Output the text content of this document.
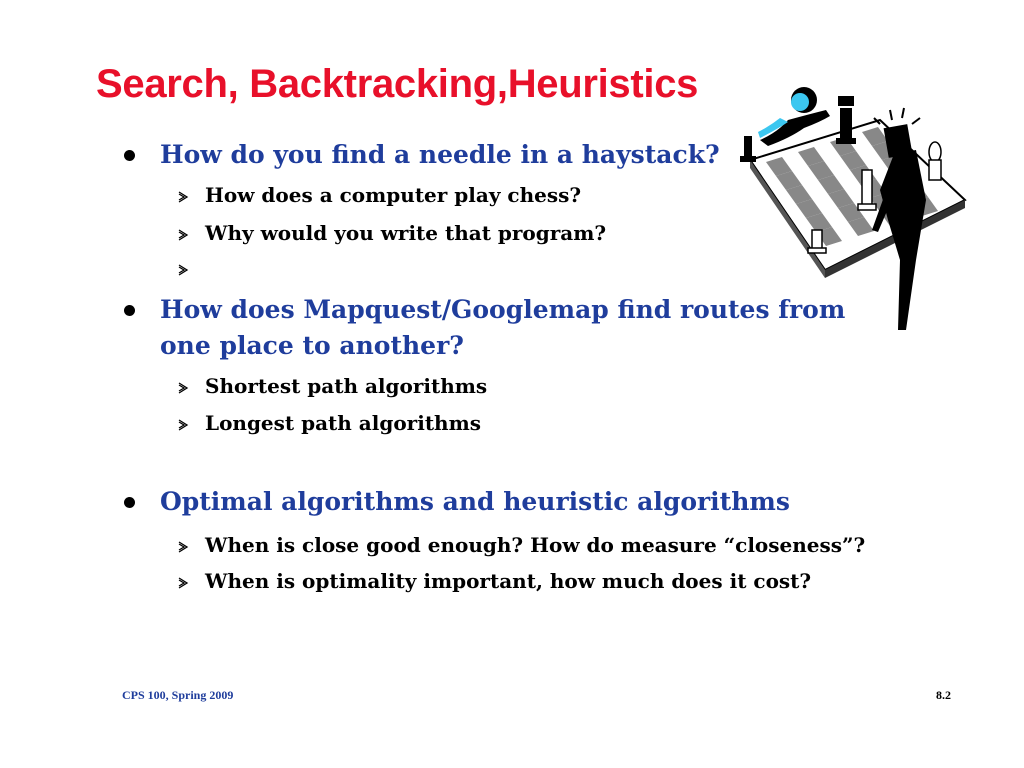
Search, Backtracking,Heuristics
How do you find a needle in a haystack?
How does a computer play chess?
Why would you write that program?
How does Mapquest/Googlemap find routes from
one place to another?
Shortest path algorithms
Longest path algorithms
Optimal algorithms and heuristic algorithms
When is close good enough? How do measure “closeness”?
When is optimality important, how much does it cost?
CPS 100, Spring 2009	8.2
